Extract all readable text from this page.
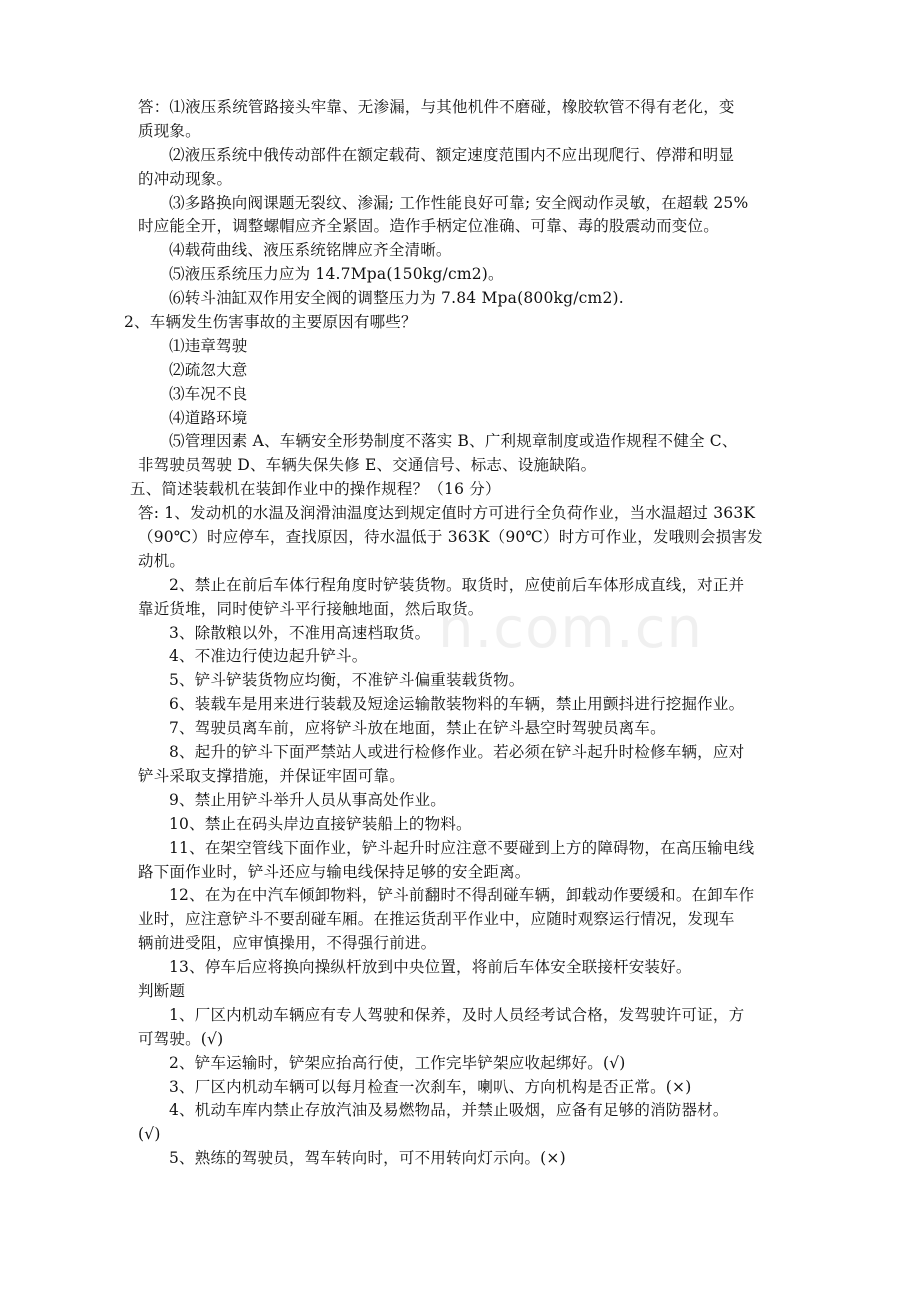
n.com.cn
答：⑴液压系统管路接头牢靠、无渗漏，与其他机件不磨碰，橡胶软管不得有老化，变
质现象。
⑵液压系统中俄传动部件在额定载荷、额定速度范围内不应出现爬行、停滞和明显
的冲动现象。
⑶多路换向阀课题无裂纹、渗漏; 工作性能良好可靠; 安全阀动作灵敏，在超载 25%
时应能全开，调整螺帽应齐全紧固。造作手柄定位准确、可靠、毒的股震动而变位。
⑷载荷曲线、液压系统铭牌应齐全清晰。
⑸液压系统压力应为 14.7Mpa(150kg/cm2)。
⑹转斗油缸双作用安全阀的调整压力为 7.84 Mpa(800kg/cm2).
2、车辆发生伤害事故的主要原因有哪些？
⑴违章驾驶
⑵疏忽大意
⑶车况不良
⑷道路环境
⑸管理因素 A、车辆安全形势制度不落实 B、广利规章制度或造作规程不健全 C、
非驾驶员驾驶 D、车辆失保失修 E、交通信号、标志、设施缺陷。
五、简述装载机在装卸作业中的操作规程？（16 分）
答: 1、发动机的水温及润滑油温度达到规定值时方可进行全负荷作业，当水温超过 363K
（90℃）时应停车，查找原因，待水温低于 363K（90℃）时方可作业，发哦则会损害发
动机。
2、禁止在前后车体行程角度时铲装货物。取货时，应使前后车体形成直线，对正并
靠近货堆，同时使铲斗平行接触地面，然后取货。
3、除散粮以外，不准用高速档取货。
4、不准边行使边起升铲斗。
5、铲斗铲装货物应均衡，不准铲斗偏重装载货物。
6、装载车是用来进行装载及短途运输散装物料的车辆，禁止用颤抖进行挖掘作业。
7、驾驶员离车前，应将铲斗放在地面，禁止在铲斗悬空时驾驶员离车。
8、起升的铲斗下面严禁站人或进行检修作业。若必须在铲斗起升时检修车辆，应对
铲斗采取支撑措施，并保证牢固可靠。
9、禁止用铲斗举升人员从事高处作业。
10、禁止在码头岸边直接铲装船上的物料。
11、在架空管线下面作业，铲斗起升时应注意不要碰到上方的障碍物，在高压输电线
路下面作业时，铲斗还应与输电线保持足够的安全距离。
12、在为在中汽车倾卸物料，铲斗前翻时不得刮碰车辆，卸载动作要缓和。在卸车作
业时，应注意铲斗不要刮碰车厢。在推运货刮平作业中，应随时观察运行情况，发现车
辆前进受阻，应审慎操用，不得强行前进。
13、停车后应将换向操纵杆放到中央位置，将前后车体安全联接杆安装好。
判断题
1、厂区内机动车辆应有专人驾驶和保养，及时人员经考试合格，发驾驶许可证，方
可驾驶。(√)
2、铲车运输时，铲架应抬高行使，工作完毕铲架应收起绑好。(√)
3、厂区内机动车辆可以每月检查一次刹车，喇叭、方向机构是否正常。(×)
4、机动车库内禁止存放汽油及易燃物品，并禁止吸烟，应备有足够的消防器材。
(√)
5、熟练的驾驶员，驾车转向时，可不用转向灯示向。(×)
